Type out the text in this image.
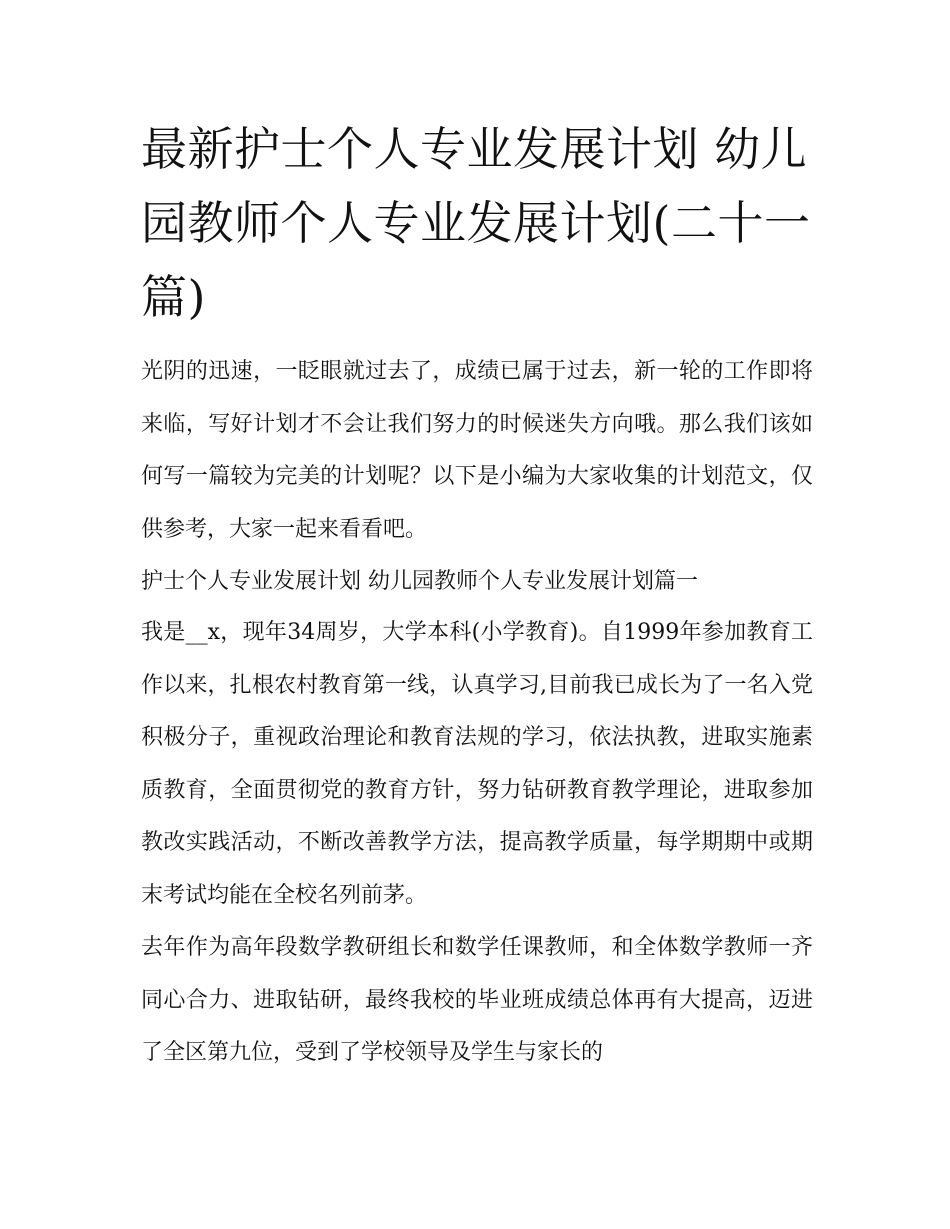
最新护士个人专业发展计划 幼儿园教师个人专业发展计划(二十一篇)

光阴的迅速，一眨眼就过去了，成绩已属于过去，新一轮的工作即将来临，写好计划才不会让我们努力的时候迷失方向哦。那么我们该如何写一篇较为完美的计划呢？以下是小编为大家收集的计划范文，仅供参考，大家一起来看看吧。

护士个人专业发展计划 幼儿园教师个人专业发展计划篇一

我是__x，现年34周岁，大学本科(小学教育)。自1999年参加教育工作以来，扎根农村教育第一线，认真学习,目前我已成长为了一名入党积极分子，重视政治理论和教育法规的学习，依法执教，进取实施素质教育，全面贯彻党的教育方针，努力钻研教育教学理论，进取参加教改实践活动，不断改善教学方法，提高教学质量，每学期期中或期末考试均能在全校名列前茅。

去年作为高年段数学教研组长和数学任课教师，和全体数学教师一齐同心合力、进取钻研，最终我校的毕业班成绩总体再有大提高，迈进了全区第九位，受到了学校领导及学生与家长的
